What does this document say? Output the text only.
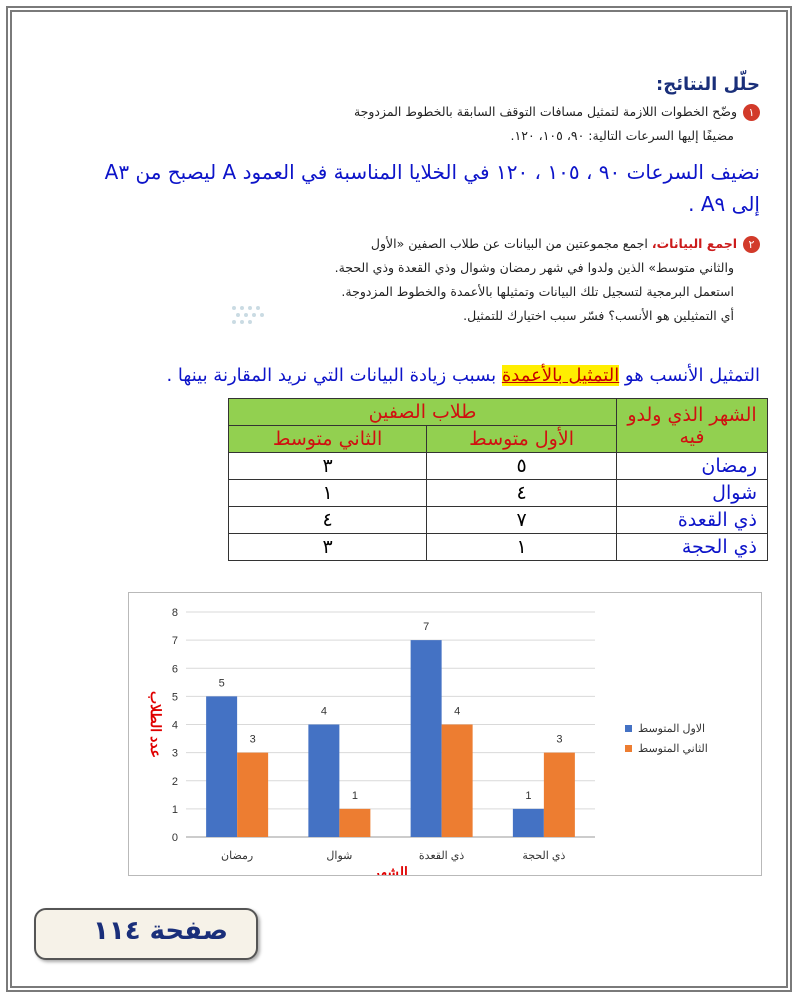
حلّل النتائج:
١وضّح الخطوات اللازمة لتمثيل مسافات التوقف السابقة بالخطوط المزدوجة
مضيفًا إليها السرعات التالية: ٩٠، ١٠٥، ١٢٠.
نضيف السرعات ٩٠ ، ١٠٥ ، ١٢٠ في الخلايا المناسبة في العمود A ليصبح من A٣
إلى A٩ .
٢اجمع البيانات، اجمع مجموعتين من البيانات عن طلاب الصفين «الأول
والثاني متوسط» الذين ولدوا في شهر رمضان وشوال وذي القعدة وذي الحجة.
استعمل البرمجية لتسجيل تلك البيانات وتمثيلها بالأعمدة والخطوط المزدوجة.
أي التمثيلين هو الأنسب؟ فسّر سبب اختيارك للتمثيل.
التمثيل الأنسب هو التمثيل بالأعمدة بسبب زيادة البيانات التي نريد المقارنة بينها .
الشهر الذي ولدو فيه	طلاب الصفين	
	الأول متوسط	الثاني متوسط
رمضان	٥	٣
شوال	٤	١
ذي القعدة	٧	٤
ذي الحجة	١	٣
0
1
2
3
4
5
6
7
8
رمضان
5
3
شوال
4
1
ذي القعدة
7
4
ذي الحجة
1
3
الشهر
عدد الطلاب	الاول المتوسط
الثاني المتوسط
صفحة ١١٤
